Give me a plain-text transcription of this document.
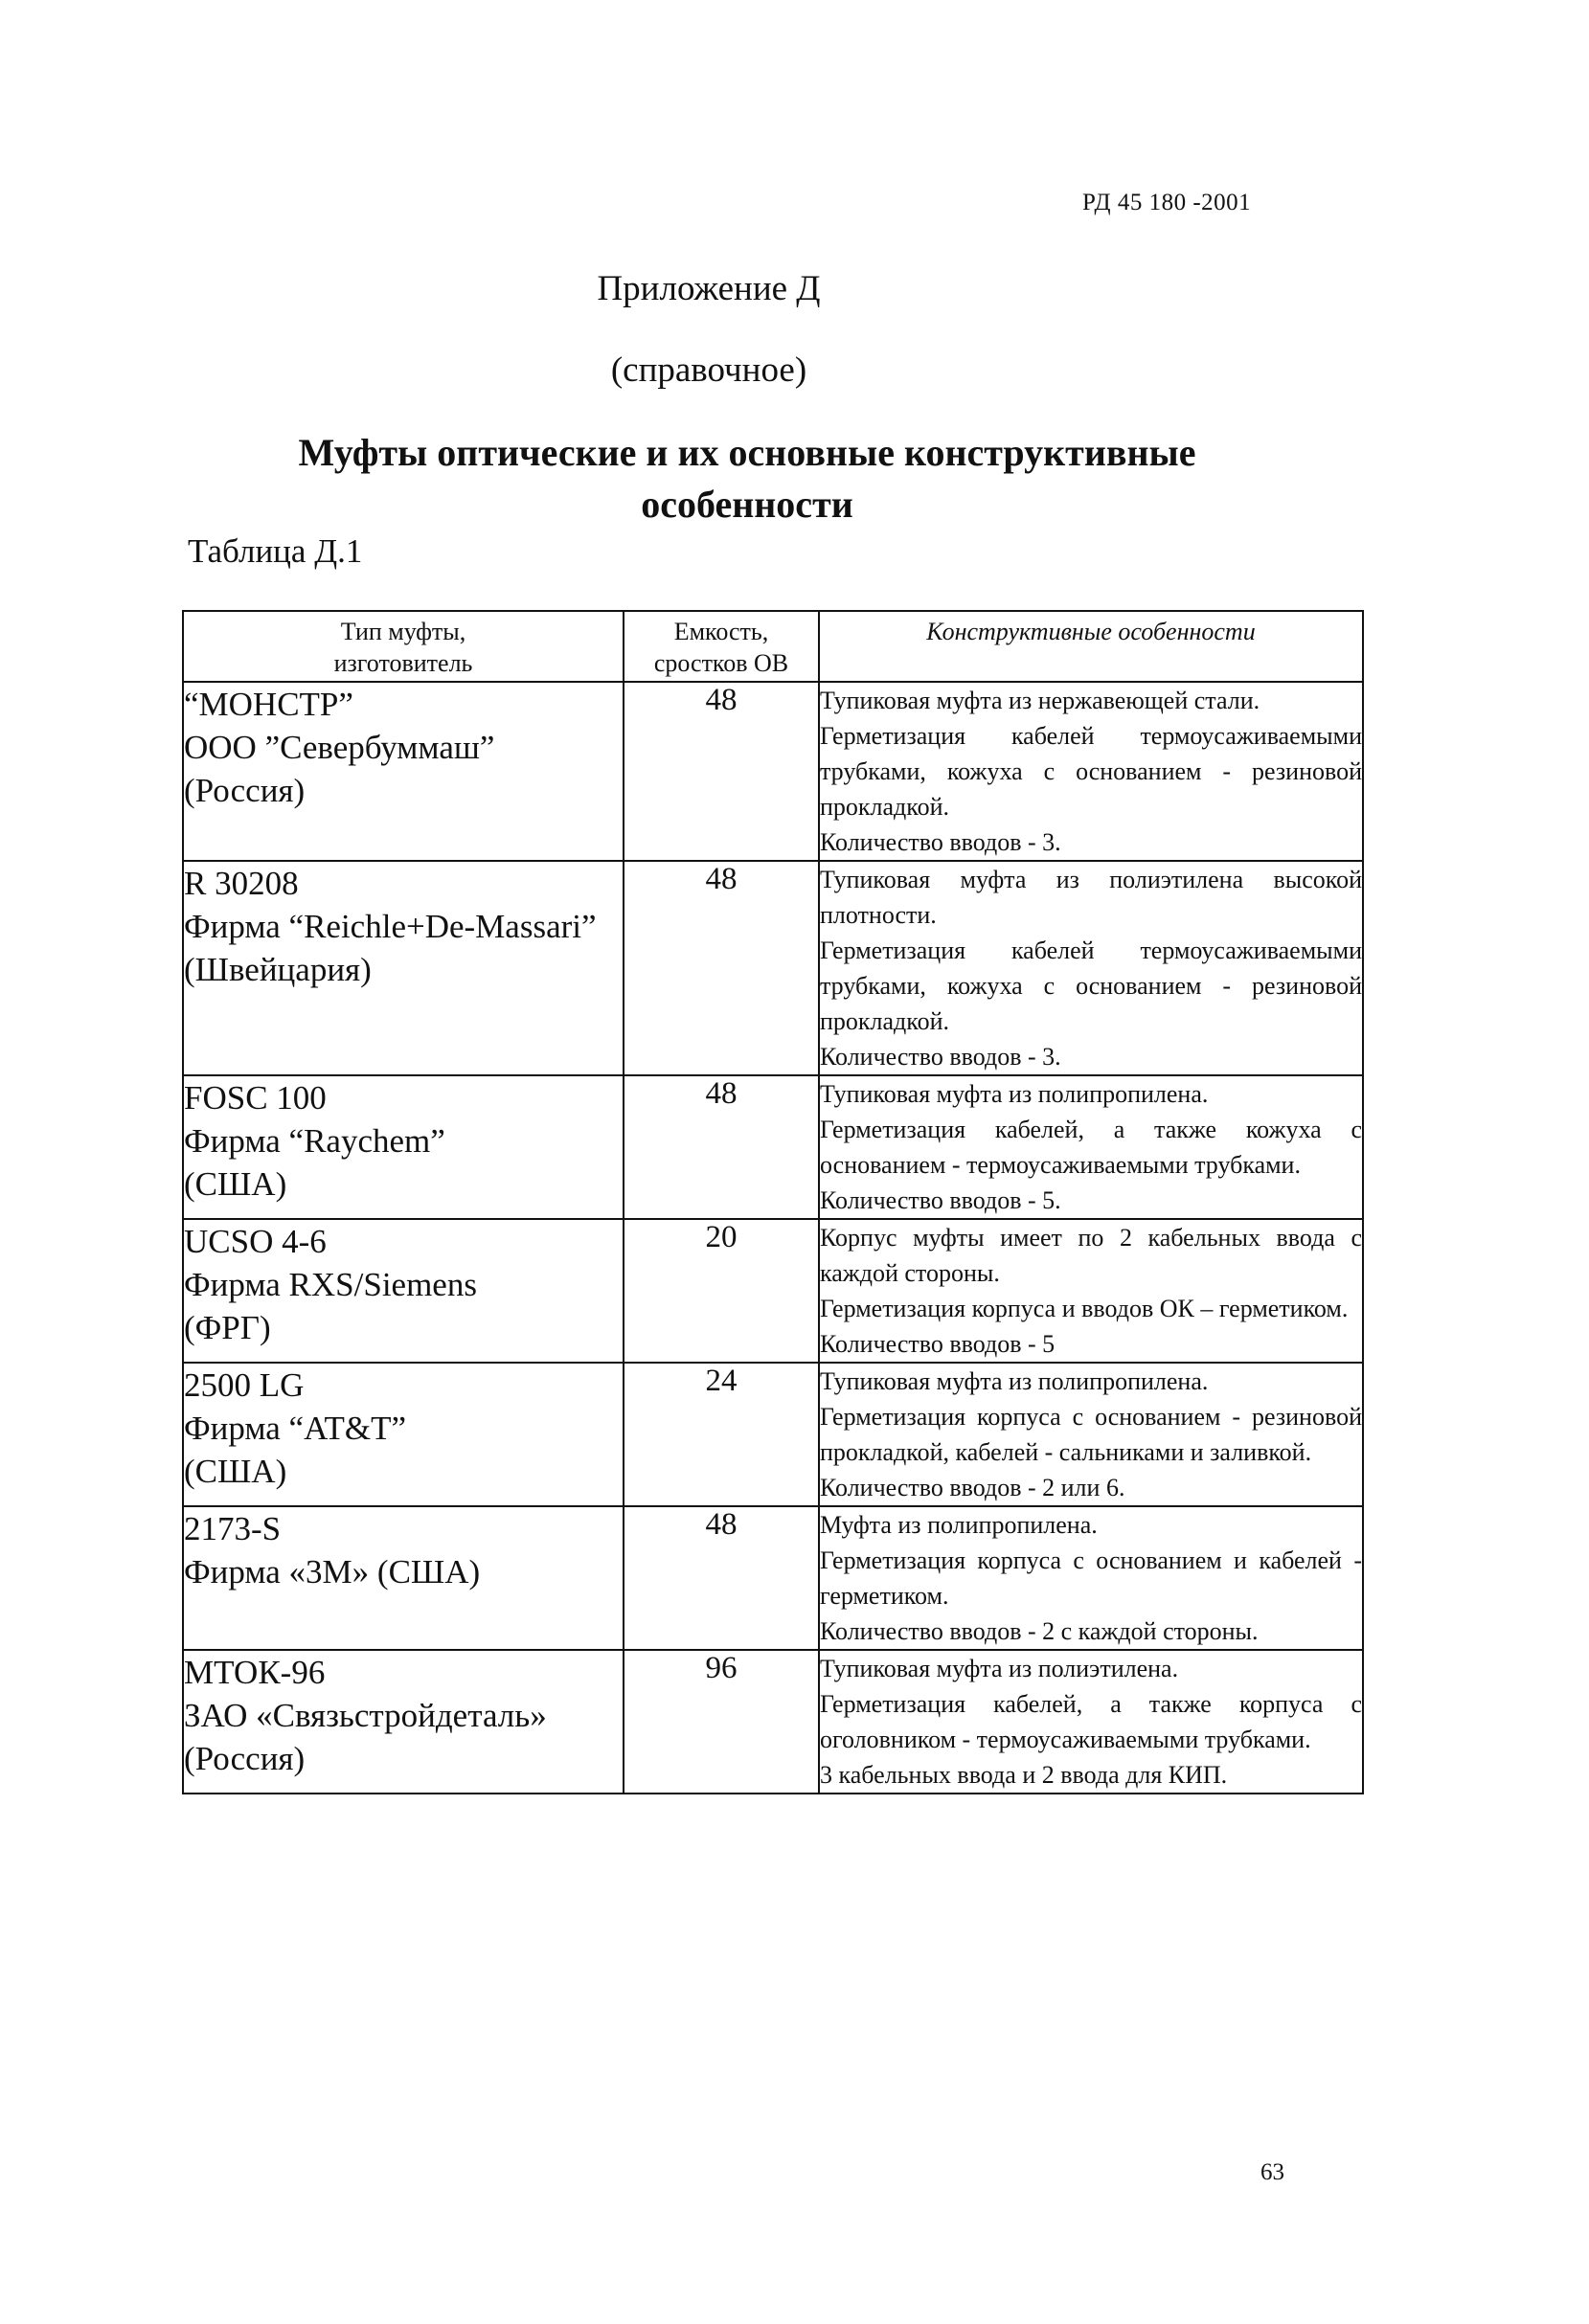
РД 45 180 -2001
Приложение Д
(справочное)
Муфты оптические и их основные конструктивные
особенности
Таблица Д.1
Тип муфты,
изготовитель	Емкость,
сростков ОВ	Конструктивные особенности

“МОНСТР”
ООО ”Севербуммаш”
(Россия)	48	Тупиковая муфта из нержавеющей стали.
Герметизация кабелей термоусаживаемыми трубками, кожуха с основанием - резиновой прокладкой.
Количество вводов - 3.

R 30208
Фирма “Reichle+De-Massari”
(Швейцария)	48	Тупиковая муфта из полиэтилена высокой плотности.
Герметизация кабелей термоусаживаемыми трубками, кожуха с основанием - резиновой прокладкой.
Количество вводов - 3.

FOSC 100
Фирма “Raychem”
(США)	48	Тупиковая муфта из полипропилена.
Герметизация кабелей, а также кожуха с основанием - термоусаживаемыми трубками.
Количество вводов - 5.

UCSO 4-6
Фирма RXS/Siemens
(ФРГ)	20	Корпус муфты имеет по 2 кабельных ввода с каждой стороны.
Герметизация корпуса и вводов ОК – герметиком.
Количество вводов - 5

2500 LG
Фирма “AT&T”
(США)	24	Тупиковая муфта из полипропилена.
Герметизация корпуса с основанием - резиновой прокладкой, кабелей - сальниками и заливкой.
Количество вводов - 2 или 6.

2173-S
Фирма «3М» (США)	48	Муфта из полипропилена.
Герметизация корпуса с основанием и кабелей - герметиком.
Количество вводов - 2 с каждой стороны.

МТОК-96
ЗАО «Связьстройдеталь»
(Россия)	96	Тупиковая муфта из полиэтилена.
Герметизация кабелей, а также корпуса с оголовником - термоусаживаемыми трубками.
3 кабельных ввода и 2 ввода для КИП.
63
